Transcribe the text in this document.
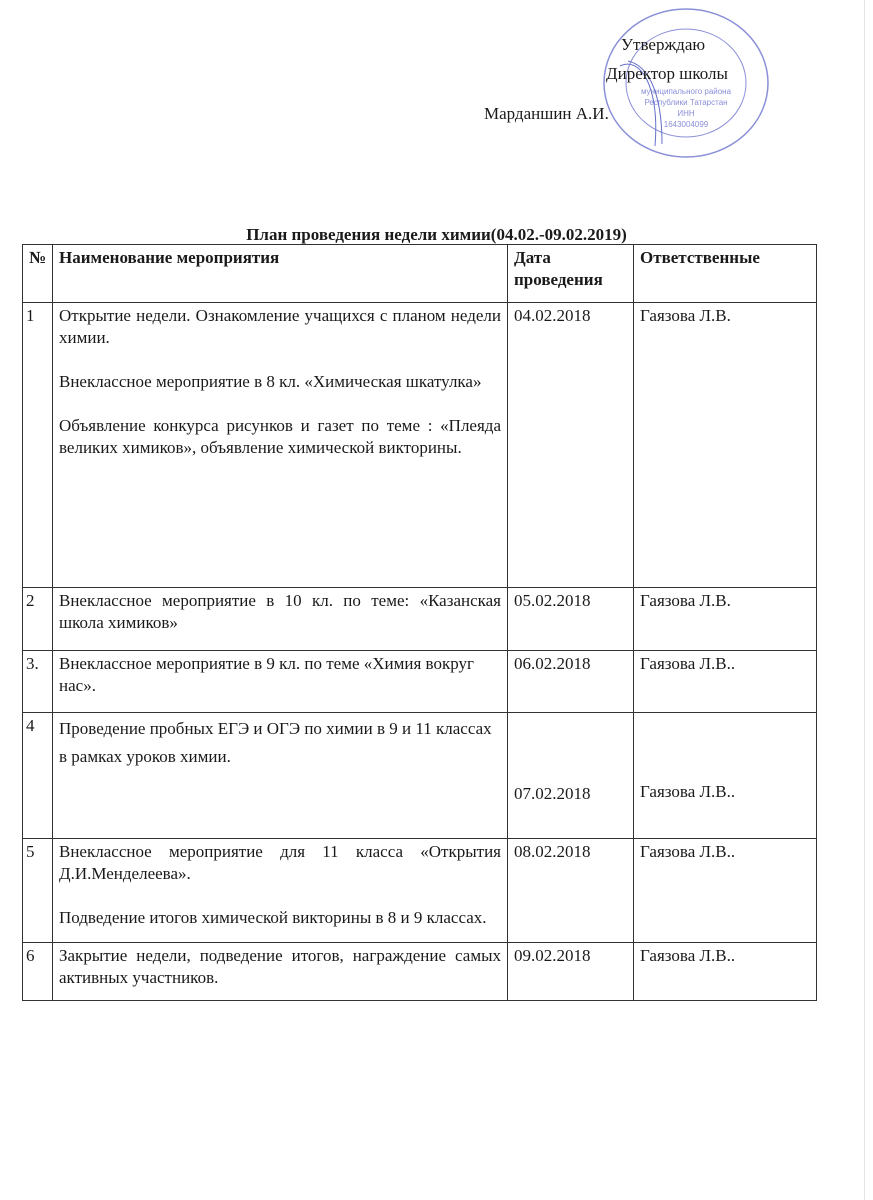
муниципального района
Республики Татарстан
ИНН
1643004099
Утверждаю
Директор школы
Марданшин А.И.
План проведения недели химии(04.02.-09.02.2019)
№	Наименование мероприятия	Дата проведения	Ответственные
1	Открытие недели. Ознакомление учащихся с планом недели химии.

Внеклассное мероприятие в 8 кл. «Химическая шкатулка»

Объявление конкурса рисунков и газет по теме : «Плеяда великих химиков», объявление химической викторины.	04.02.2018	Гаязова Л.В.
2	Внеклассное мероприятие в 10 кл. по теме: «Казанская школа химиков»	05.02.2018	Гаязова Л.В.
3.	Внеклассное мероприятие в 9 кл. по теме «Химия вокруг нас».	06.02.2018	Гаязова Л.В..
4	Проведение пробных ЕГЭ и ОГЭ по химии в 9 и 11 классах в рамках уроков химии.	07.02.2018	Гаязова Л.В..
5	Внеклассное мероприятие для 11 класса «Открытия Д.И.Менделеева».

Подведение итогов химической викторины в 8 и 9 классах.	08.02.2018	Гаязова Л.В..
6	Закрытие недели, подведение итогов, награждение самых активных участников.	09.02.2018	Гаязова Л.В..
